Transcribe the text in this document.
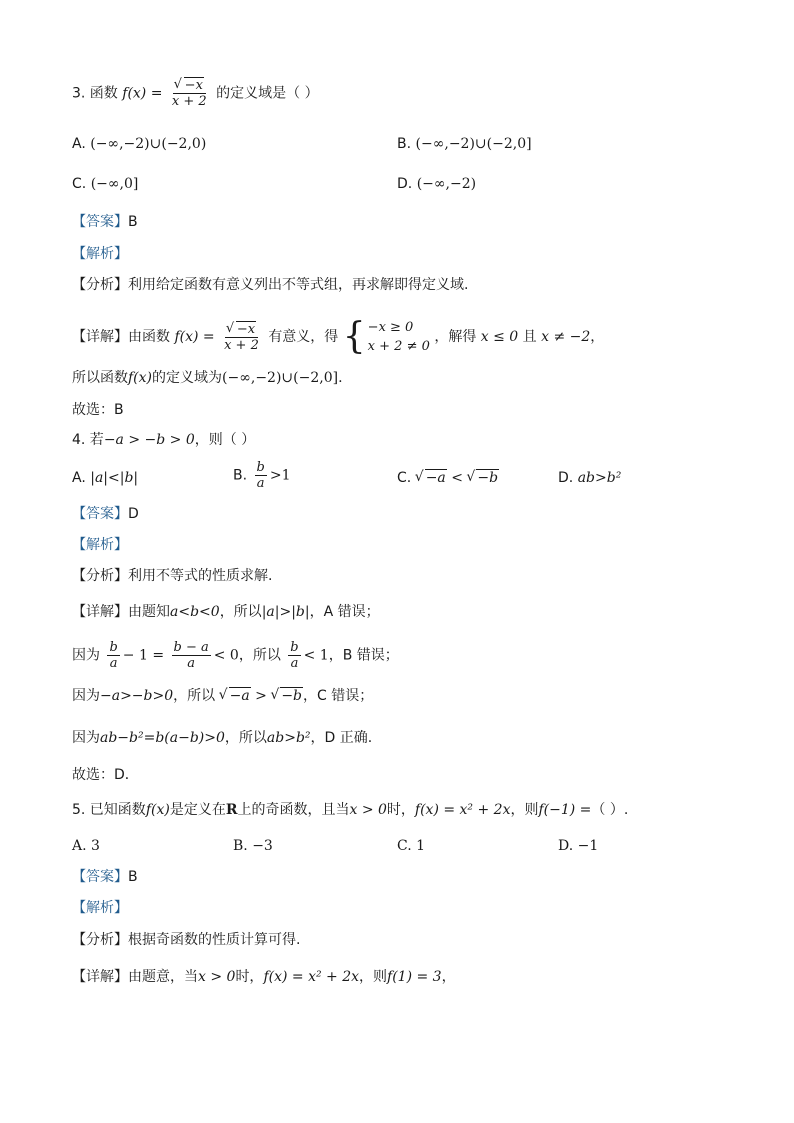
3. 函数 f(x) = √ $\frac{-x}{x + 2}$ 的定义域是（ ）
A. (−∞,−2)∪(−2,0)	B. (−∞,−2)∪(−2,0]
C. (−∞,0]	D. (−∞,−2)
【答案】B
【解析】
【分析】利用给定函数有意义列出不等式组，再求解即得定义域.
【详解】由函数 f(x) = √ $\frac{-x}{x + 2}$ 有意义，得 { −x ≥ 0
x + 2 ≠ 0
，解得 x ≤ 0 且 x ≠ −2，
所以函数f(x)的定义域为(−∞,−2)∪(−2,0].
故选：B
4. 若−a > −b > 0，则（ ）
A. |a|<|b|	B. $\frac{b}{a} >1$	C. √ −a < √ −b	D. ab>b²
【答案】D
【解析】
【分析】利用不等式的性质求解.
【详解】由题知a<b<0，所以|a|>|b|，A 错误；
因为 $\frac{b}{a} - 1 = \frac{b - a}{a} < 0$，所以 $\frac{b}{a} < 1$，B 错误；
因为−a>−b>0，所以 √ −a > √ −b，C 错误；
因为ab−b²=b(a−b)>0，所以ab>b²，D 正确.
故选：D．
5. 已知函数f(x)是定义在R上的奇函数，且当x > 0时，f(x) = x² + 2x，则f(−1) =（ ）.
A. 3	B. −3	C. 1	D. −1
【答案】B
【解析】
【分析】根据奇函数的性质计算可得.
【详解】由题意，当x > 0时，f(x) = x² + 2x，则f(1) = 3，
